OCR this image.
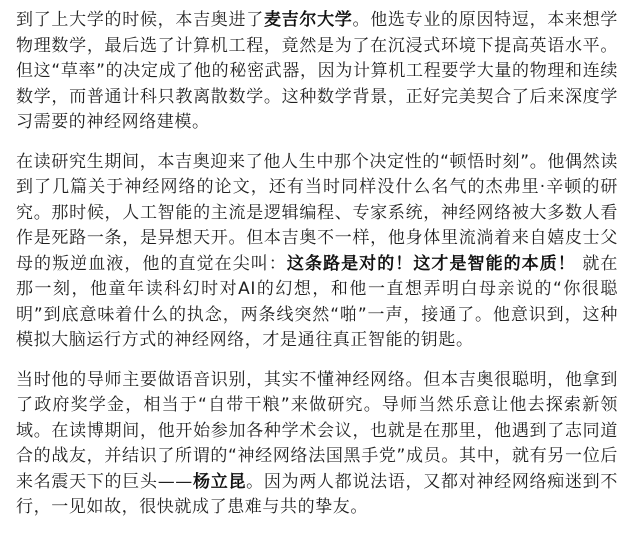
到了上大学的时候，本吉奥进了麦吉尔大学。他选专业的原因特逗，本来想学物理数学，最后选了计算机工程，竟然是为了在沉浸式环境下提高英语水平。但这“草率”的决定成了他的秘密武器，因为计算机工程要学大量的物理和连续数学，而普通计科只教离散数学。这种数学背景，正好完美契合了后来深度学习需要的神经网络建模。

在读研究生期间，本吉奥迎来了他人生中那个决定性的“顿悟时刻”。他偶然读到了几篇关于神经网络的论文，还有当时同样没什么名气的杰弗里·辛顿的研究。那时候，人工智能的主流是逻辑编程、专家系统，神经网络被大多数人看作是死路一条，是异想天开。但本吉奥不一样，他身体里流淌着来自嬉皮士父母的叛逆血液，他的直觉在尖叫：这条路是对的！这才是智能的本质！ 就在那一刻，他童年读科幻时对AI的幻想，和他一直想弄明白母亲说的“你很聪明”到底意味着什么的执念，两条线突然“啪”一声，接通了。他意识到，这种模拟大脑运行方式的神经网络，才是通往真正智能的钥匙。

当时他的导师主要做语音识别，其实不懂神经网络。但本吉奥很聪明，他拿到了政府奖学金，相当于“自带干粮”来做研究。导师当然乐意让他去探索新领域。在读博期间，他开始参加各种学术会议，也就是在那里，他遇到了志同道合的战友，并结识了所谓的“神经网络法国黑手党”成员。其中，就有另一位后来名震天下的巨头——杨立昆。因为两人都说法语，又都对神经网络痴迷到不行，一见如故，很快就成了患难与共的挚友。
